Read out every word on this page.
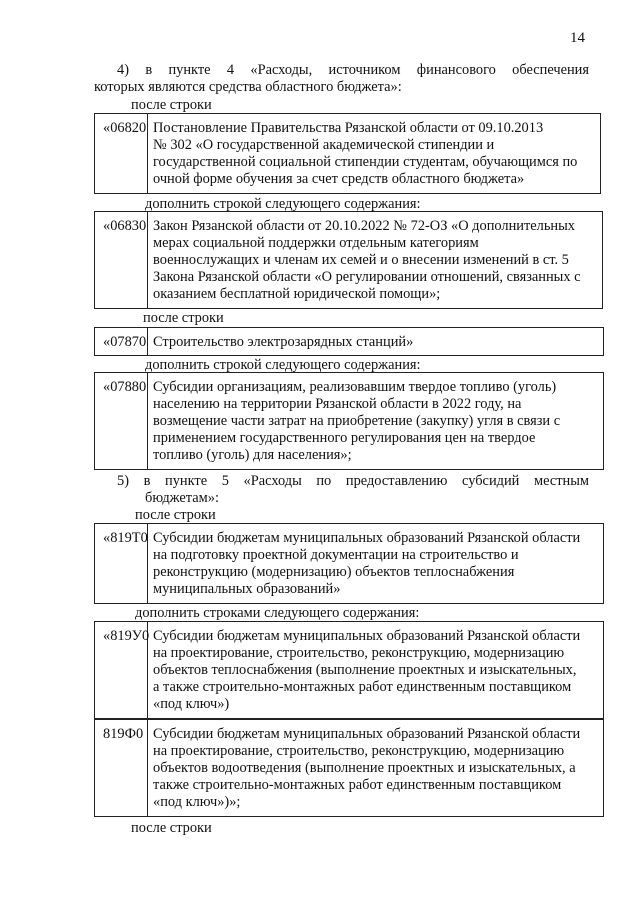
14
4) в пункте 4 «Расходы, источником финансового обеспечения
которых являются средства областного бюджета»:
после строки
«06820 Постановление Правительства Рязанской области от 09.10.2013
№ 302 «О государственной академической стипендии и
государственной социальной стипендии студентам, обучающимся по
очной форме обучения за счет средств областного бюджета»
дополнить строкой следующего содержания:
«06830 Закон Рязанской области от 20.10.2022 № 72-ОЗ «О дополнительных
мерах социальной поддержки отдельным категориям
военнослужащих и членам их семей и о внесении изменений в ст. 5
Закона Рязанской области «О регулировании отношений, связанных с
оказанием бесплатной юридической помощи»;
после строки
«07870 Строительство электрозарядных станций»
дополнить строкой следующего содержания:
«07880 Субсидии организациям, реализовавшим твердое топливо (уголь)
населению на территории Рязанской области в 2022 году, на
возмещение части затрат на приобретение (закупку) угля в связи с
применением государственного регулирования цен на твердое
топливо (уголь) для населения»;
5) в пункте 5 «Расходы по предоставлению субсидий местным
бюджетам»:
после строки
«819Т0 Субсидии бюджетам муниципальных образований Рязанской области
на подготовку проектной документации на строительство и
реконструкцию (модернизацию) объектов теплоснабжения
муниципальных образований»
дополнить строками следующего содержания:
«819У0 Субсидии бюджетам муниципальных образований Рязанской области
на проектирование, строительство, реконструкцию, модернизацию
объектов теплоснабжения (выполнение проектных и изыскательных,
а также строительно-монтажных работ единственным поставщиком
«под ключ»)
819Ф0 Субсидии бюджетам муниципальных образований Рязанской области
на проектирование, строительство, реконструкцию, модернизацию
объектов водоотведения (выполнение проектных и изыскательных, а
также строительно-монтажных работ единственным поставщиком
«под ключ»)»;
после строки
